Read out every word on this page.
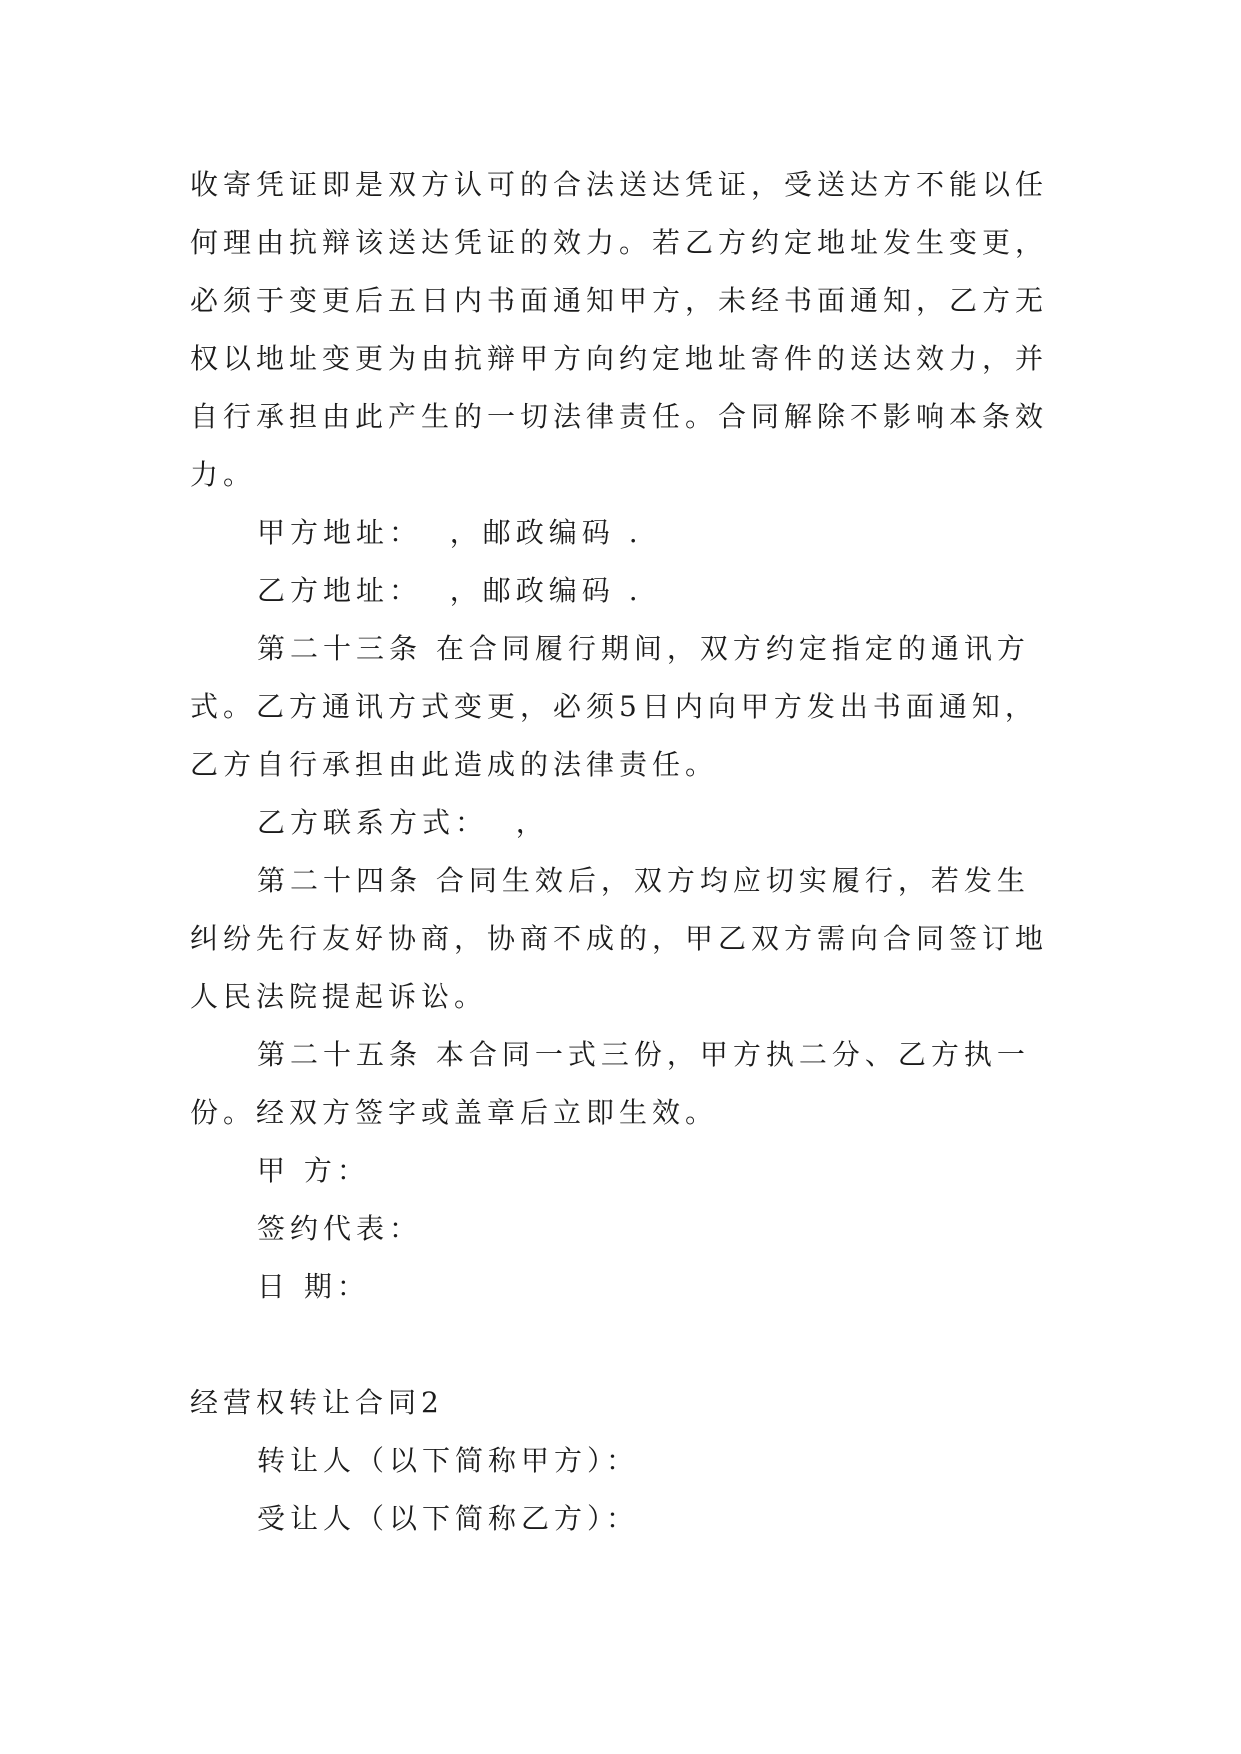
收寄凭证即是双方认可的合法送达凭证，受送达方不能以任
何理由抗辩该送达凭证的效力。若乙方约定地址发生变更，
必须于变更后五日内书面通知甲方，未经书面通知，乙方无
权以地址变更为由抗辩甲方向约定地址寄件的送达效力，并
自行承担由此产生的一切法律责任。合同解除不影响本条效
力。
甲方地址：  ，邮政编码 .
乙方地址：  ，邮政编码 .
第二十三条 在合同履行期间，双方约定指定的通讯方
式。乙方通讯方式变更，必须5日内向甲方发出书面通知，
乙方自行承担由此造成的法律责任。
乙方联系方式：  ，
第二十四条 合同生效后，双方均应切实履行，若发生
纠纷先行友好协商，协商不成的，甲乙双方需向合同签订地
人民法院提起诉讼。
第二十五条 本合同一式三份，甲方执二分、乙方执一
份。经双方签字或盖章后立即生效。
甲 方：
签约代表：
日 期：
经营权转让合同2
转让人（以下简称甲方）：
受让人（以下简称乙方）：
